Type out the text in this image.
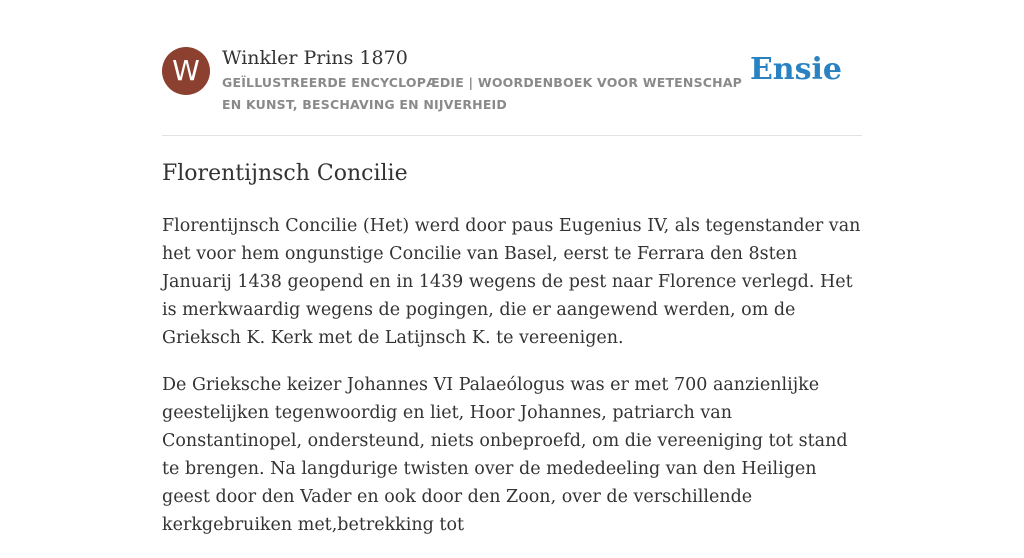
W	Winkler Prins 1870
GEÏLLUSTREERDE ENCYCLOPÆDIE | WOORDENBOEK VOOR WETENSCHAP EN KUNST, BESCHAVING EN NIJVERHEID
Ensie
Florentijnsch Concilie

Florentijnsch Concilie (Het) werd door paus Eugenius IV, als tegenstander van het voor hem ongunstige Concilie van Basel, eerst te Ferrara den 8sten Januarij 1438 geopend en in 1439 wegens de pest naar Florence verlegd. Het is merkwaardig wegens de pogingen, die er aangewend werden, om de Grieksch K. Kerk met de Latijnsch K. te vereenigen.

De Grieksche keizer Johannes VI Palaeólogus was er met 700 aanzienlijke geestelijken tegenwoordig en liet, Hoor Johannes, patriarch van Constantinopel, ondersteund, niets onbeproefd, om die vereeniging tot stand te brengen. Na langdurige twisten over de mededeeling van den Heiligen geest door den Vader en ook door den Zoon, over de verschillende kerkgebruiken met,betrekking tot
